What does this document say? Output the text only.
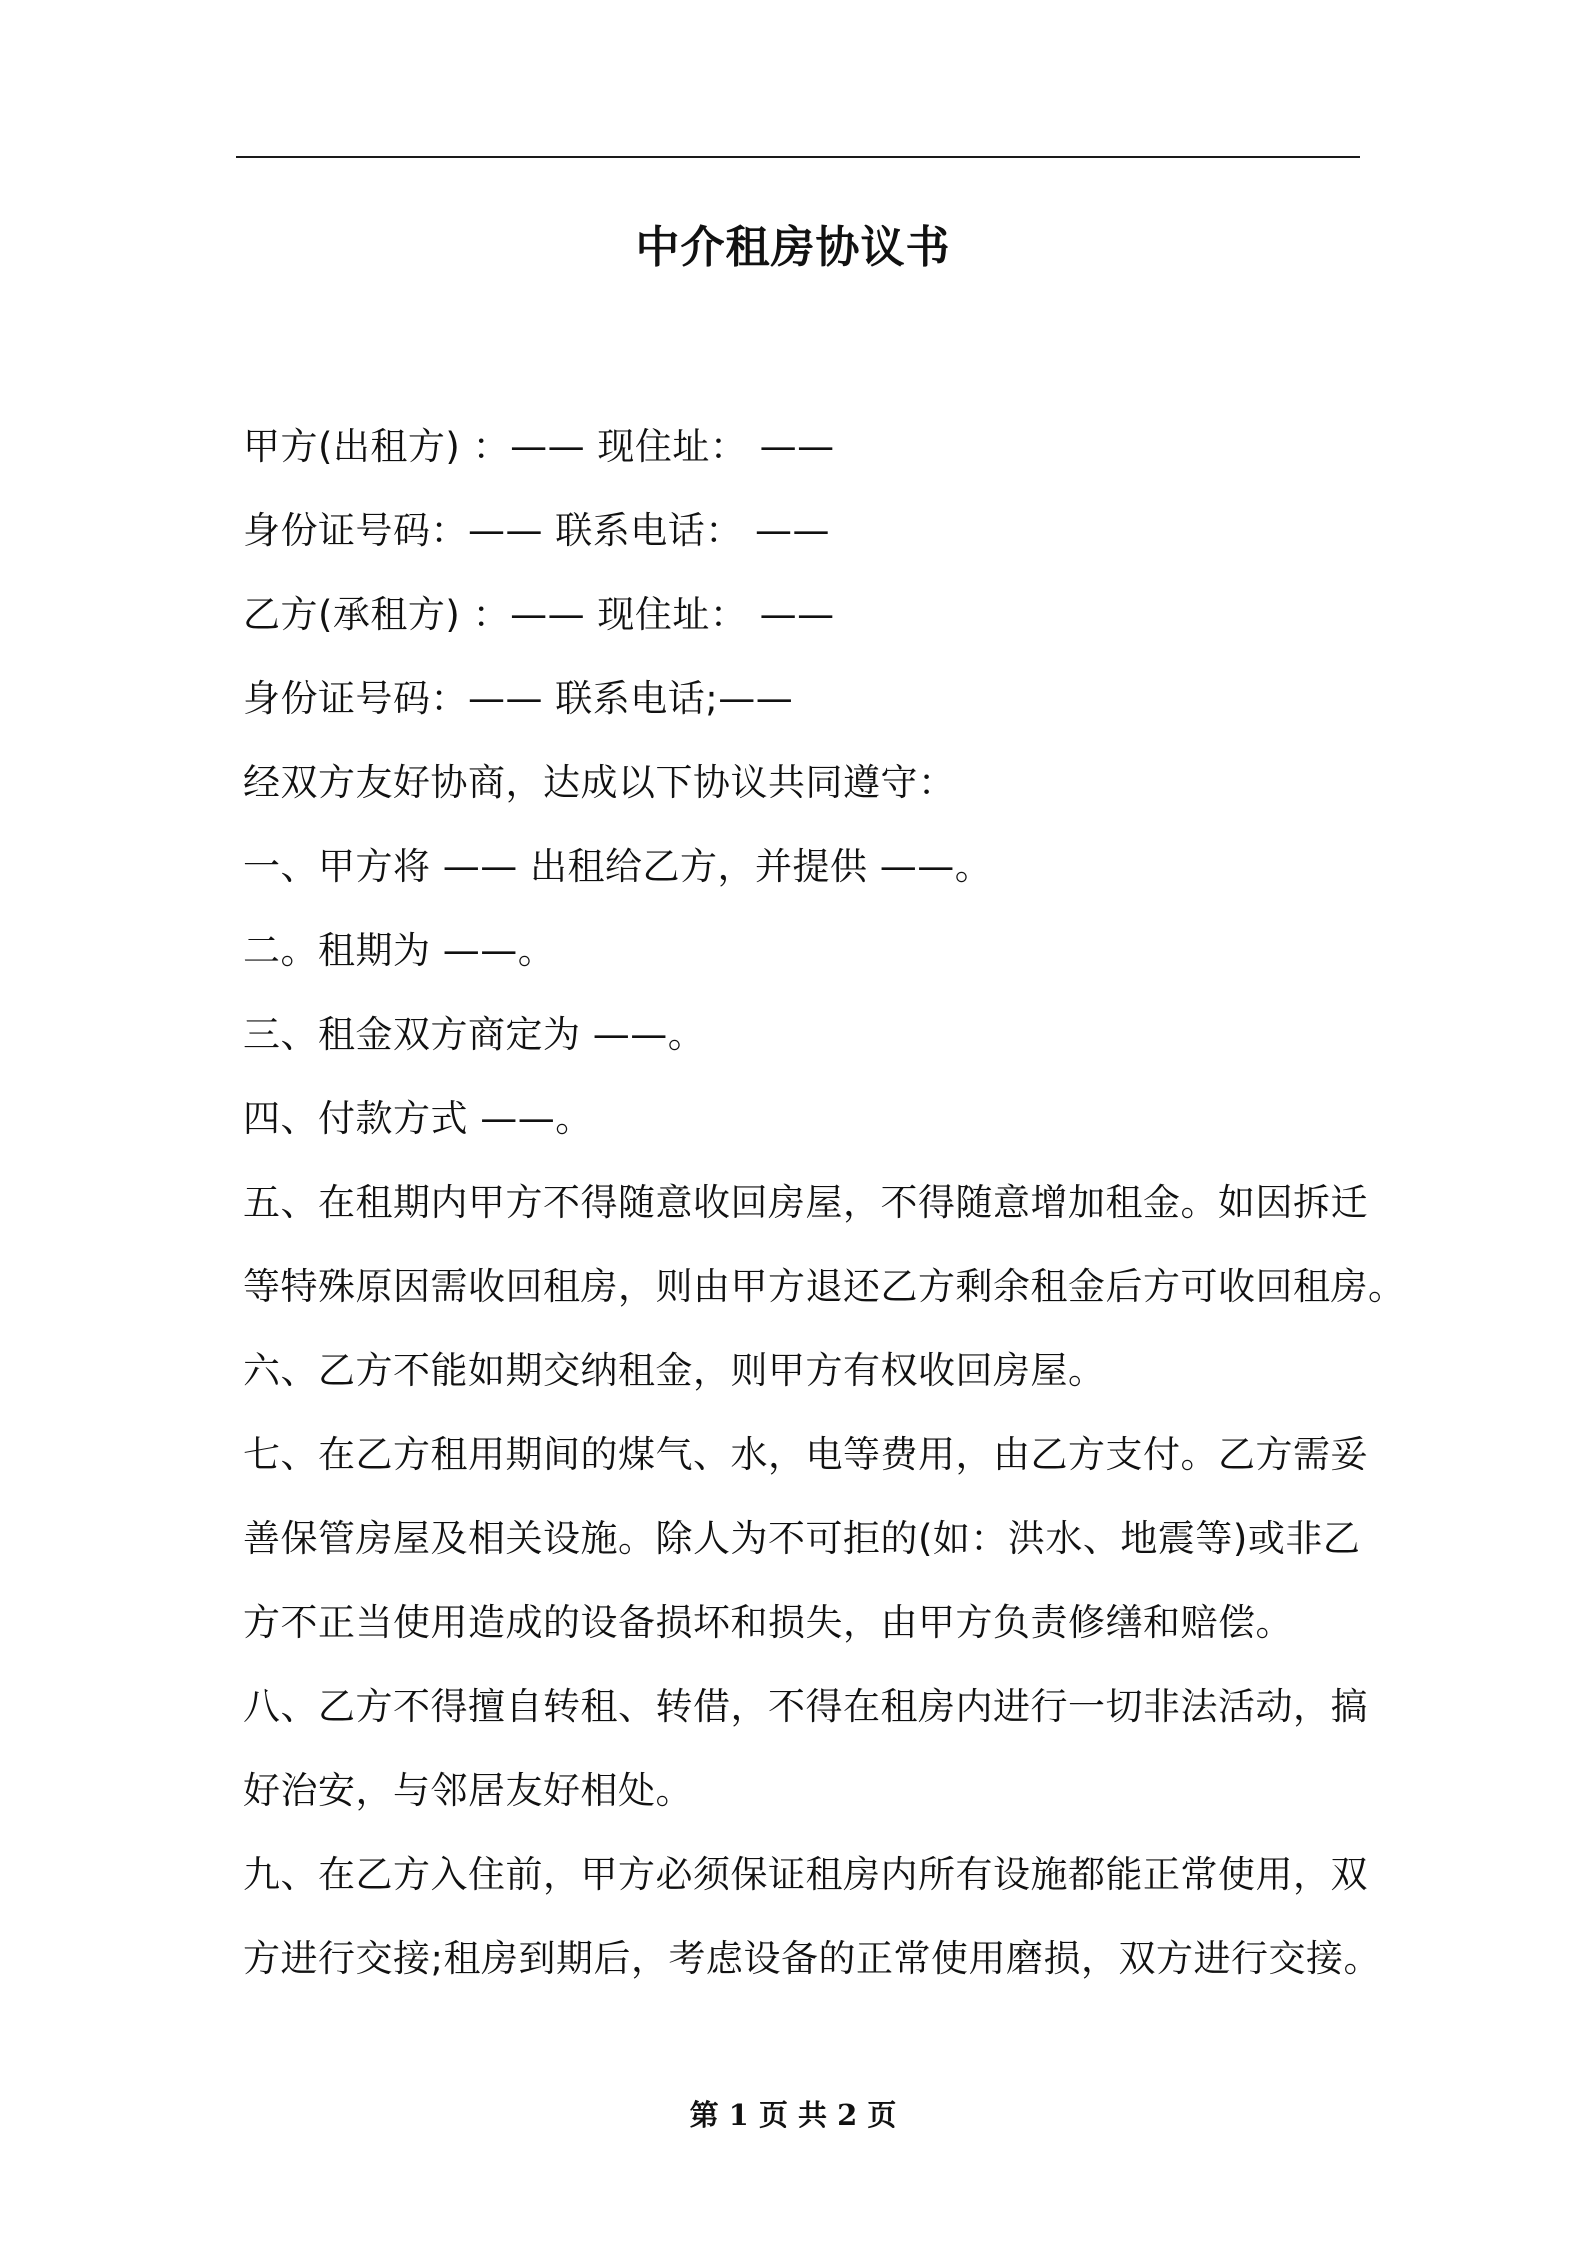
中介租房协议书
甲方(出租方) ：—— 现住址： ——
身份证号码：—— 联系电话： ——
乙方(承租方) ：—— 现住址： ——
身份证号码：—— 联系电话;——
经双方友好协商，达成以下协议共同遵守：
一、甲方将 —— 出租给乙方，并提供 ——。
二。租期为 ——。
三、租金双方商定为 ——。
四、付款方式 ——。
五、在租期内甲方不得随意收回房屋，不得随意增加租金。如因拆迁
等特殊原因需收回租房，则由甲方退还乙方剩余租金后方可收回租房。
六、乙方不能如期交纳租金，则甲方有权收回房屋。
七、在乙方租用期间的煤气、水，电等费用，由乙方支付。乙方需妥
善保管房屋及相关设施。除人为不可拒的(如：洪水、地震等)或非乙
方不正当使用造成的设备损坏和损失，由甲方负责修缮和赔偿。
八、乙方不得擅自转租、转借，不得在租房内进行一切非法活动，搞
好治安，与邻居友好相处。
九、在乙方入住前，甲方必须保证租房内所有设施都能正常使用，双
方进行交接;租房到期后，考虑设备的正常使用磨损，双方进行交接。
第 1 页 共 2 页
